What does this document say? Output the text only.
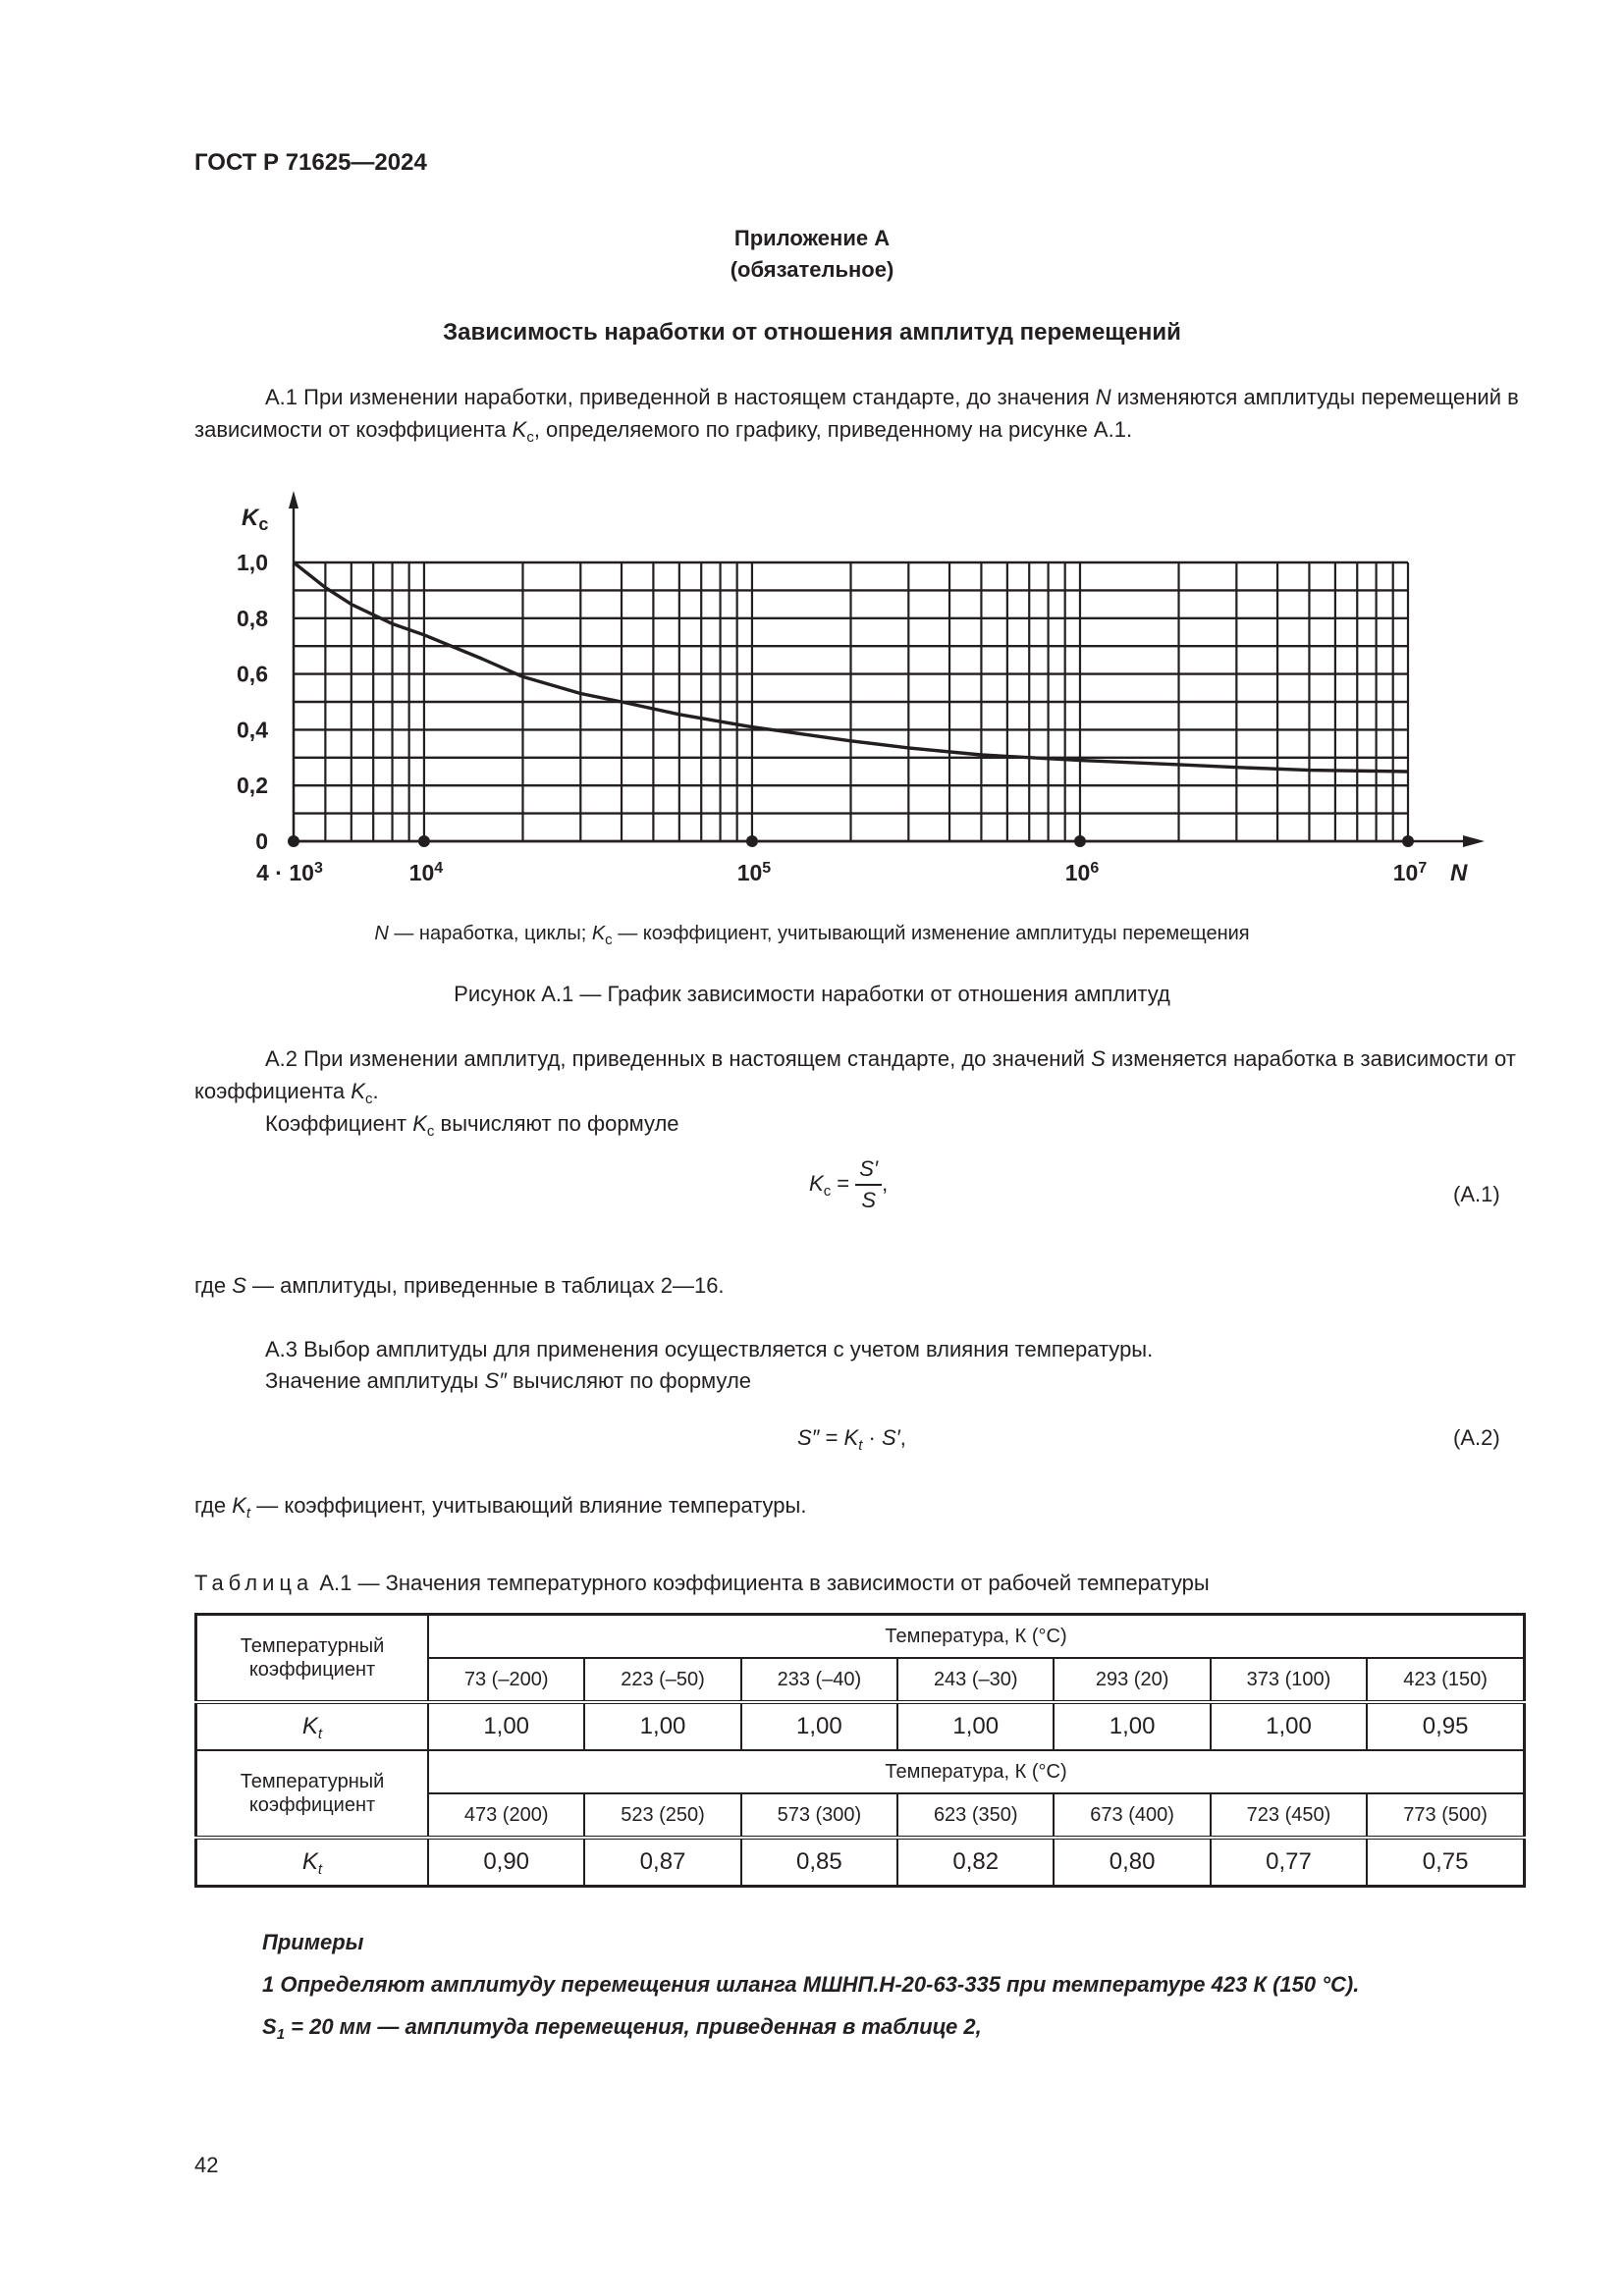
ГОСТ Р 71625—2024
Приложение А
(обязательное)
Зависимость наработки от отношения амплитуд перемещений
А.1 При изменении наработки, приведенной в настоящем стандарте, до значения N изменяются амплитуды перемещений в зависимости от коэффициента $K_c$, определяемого по графику, приведенному на рисунке А.1.
0
0,2
0,4
0,6
0,8
1,0
$4 \cdot 10^3$	$10^4$	$10^5$	$10^6$	$10^7$ N
$K_c$
N — наработка, циклы; $K_c$ — коэффициент, учитывающий изменение амплитуды перемещения
Рисунок А.1 — График зависимости наработки от отношения амплитуд
А.2 При изменении амплитуд, приведенных в настоящем стандарте, до значений S изменяется наработка в зависимости от коэффициента $K_c$.
Коэффициент $K_c$ вычисляют по формуле
$K_c = \frac{S'}{S}$ ,	(А.1)
где S — амплитуды, приведенные в таблицах 2—16.
А.3 Выбор амплитуды для применения осуществляется с учетом влияния температуры.
Значение амплитуды S″ вычисляют по формуле
$S'' = K_t \cdot S'$,	(А.2)
где $K_t$ — коэффициент, учитывающий влияние температуры.
Таблица А.1 — Значения температурного коэффициента в зависимости от рабочей температуры
Температурный коэффициент	Температура, К (°С)						
	73 (–200)	223 (–50)	233 (–40)	243 (–30)	293 (20)	373 (100)	423 (150)
$K_t$	1,00	1,00	1,00	1,00	1,00	1,00	0,95
Температурный коэффициент	Температура, К (°С)						
	473 (200)	523 (250)	573 (300)	623 (350)	673 (400)	723 (450)	773 (500)
$K_t$	0,90	0,87	0,85	0,82	0,80	0,77	0,75
Примеры
1 Определяют амплитуду перемещения шланга МШНП.Н-20-63-335 при температуре 423 К (150 °С).
$S_1 = 20$ мм — амплитуда перемещения, приведенная в таблице 2,
42
